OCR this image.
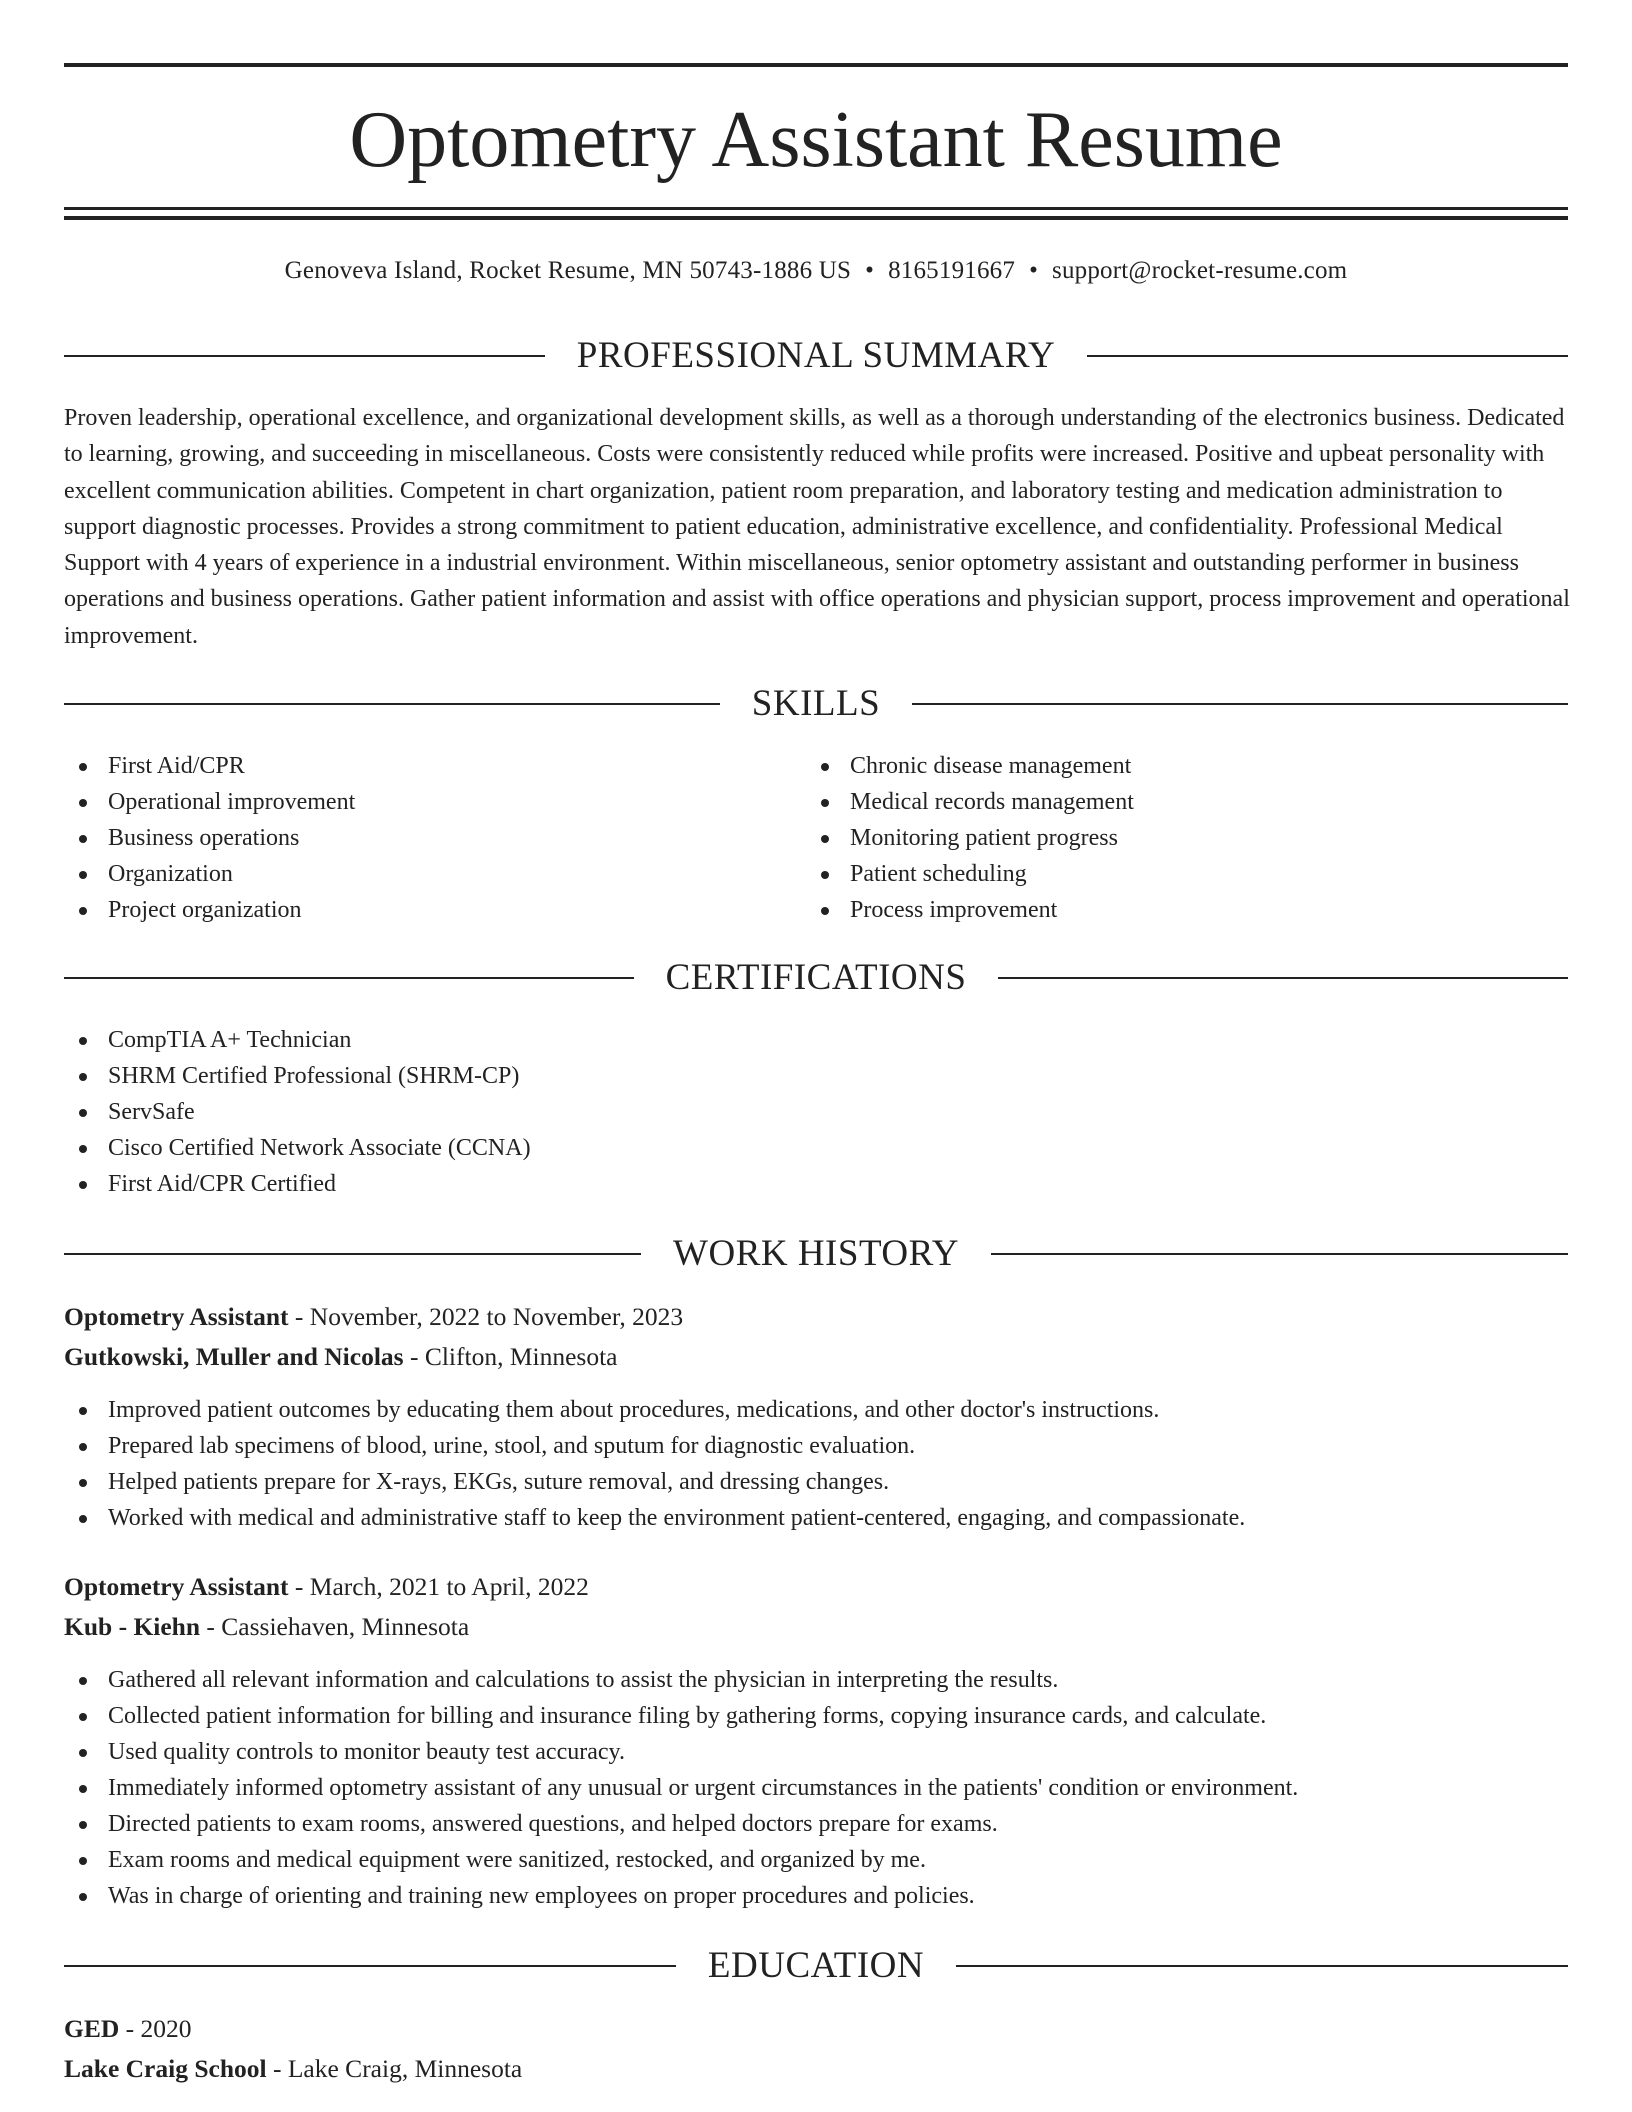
Optometry Assistant Resume
Genoveva Island, Rocket Resume, MN 50743-1886 US • 8165191667 • support@rocket-resume.com
PROFESSIONAL SUMMARY

Proven leadership, operational excellence, and organizational development skills, as well as a thorough understanding of the electronics business. Dedicated to learning, growing, and succeeding in miscellaneous. Costs were consistently reduced while profits were increased. Positive and upbeat personality with excellent communication abilities. Competent in chart organization, patient room preparation, and laboratory testing and medication administration to support diagnostic processes. Provides a strong commitment to patient education, administrative excellence, and confidentiality. Professional Medical Support with 4 years of experience in a industrial environment. Within miscellaneous, senior optometry assistant and outstanding performer in business operations and business operations. Gather patient information and assist with office operations and physician support, process improvement and operational improvement.

SKILLS
First Aid/CPR
Operational improvement
Business operations
Organization
Project organization
Chronic disease management
Medical records management
Monitoring patient progress
Patient scheduling
Process improvement
CERTIFICATIONS
CompTIA A+ Technician
SHRM Certified Professional (SHRM-CP)
ServSafe
Cisco Certified Network Associate (CCNA)
First Aid/CPR Certified
WORK HISTORY
Optometry Assistant - November, 2022 to November, 2023
Gutkowski, Muller and Nicolas - Clifton, Minnesota
Improved patient outcomes by educating them about procedures, medications, and other doctor's instructions.
Prepared lab specimens of blood, urine, stool, and sputum for diagnostic evaluation.
Helped patients prepare for X-rays, EKGs, suture removal, and dressing changes.
Worked with medical and administrative staff to keep the environment patient-centered, engaging, and compassionate.
Optometry Assistant - March, 2021 to April, 2022
Kub - Kiehn - Cassiehaven, Minnesota
Gathered all relevant information and calculations to assist the physician in interpreting the results.
Collected patient information for billing and insurance filing by gathering forms, copying insurance cards, and calculate.
Used quality controls to monitor beauty test accuracy.
Immediately informed optometry assistant of any unusual or urgent circumstances in the patients' condition or environment.
Directed patients to exam rooms, answered questions, and helped doctors prepare for exams.
Exam rooms and medical equipment were sanitized, restocked, and organized by me.
Was in charge of orienting and training new employees on proper procedures and policies.
EDUCATION
GED - 2020
Lake Craig School - Lake Craig, Minnesota
